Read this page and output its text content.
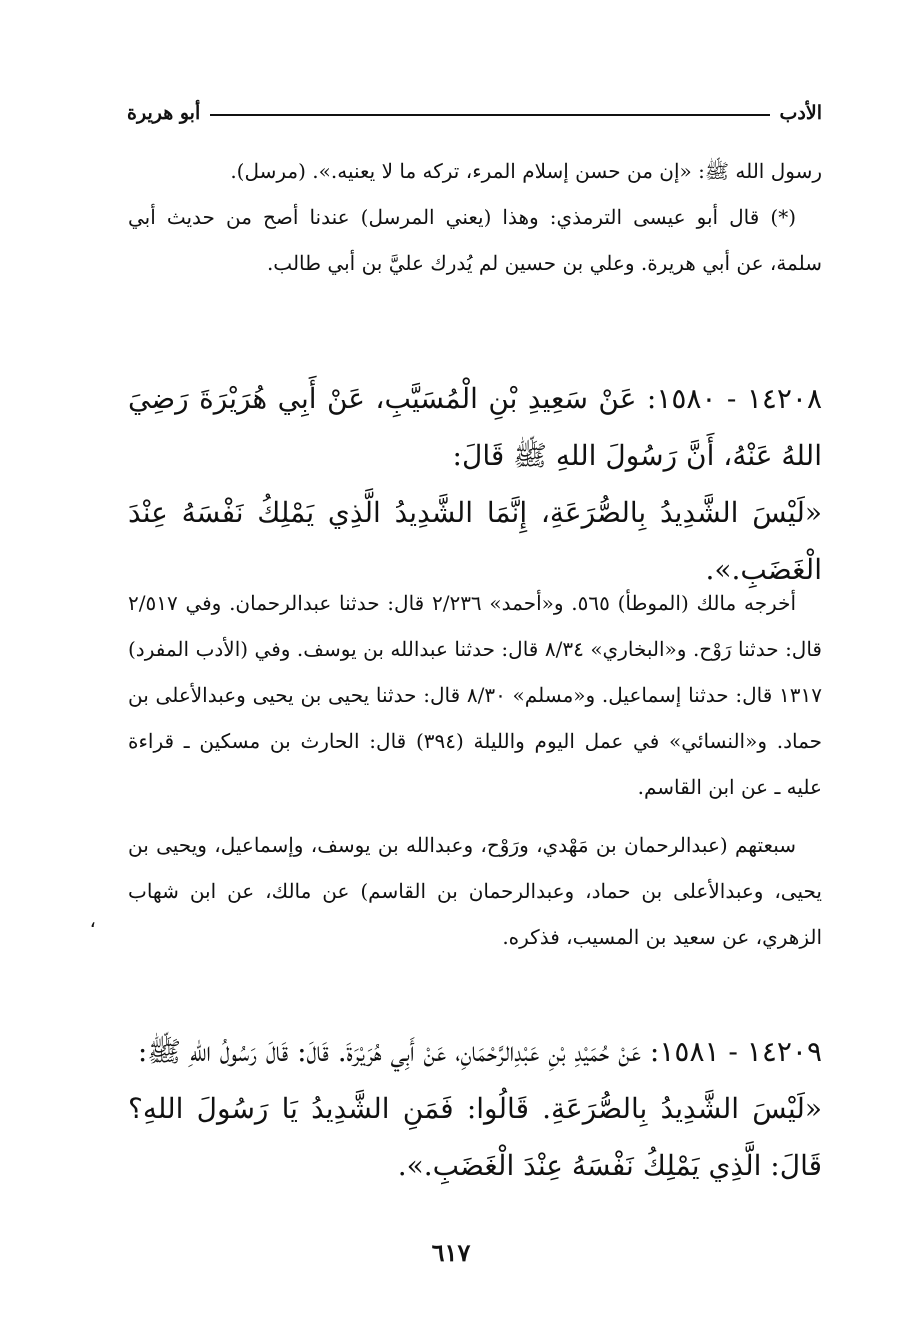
الأدب
أبو هريرة

رسول الله ﷺ: «إن من حسن إسلام المرء، تركه ما لا يعنيه.». (مرسل).

(*) قال أبو عيسى الترمذي: وهذا (يعني المرسل) عندنا أصح من حديث أبي سلمة، عن أبي هريرة. وعلي بن حسين لم يُدرك عليَّ بن أبي طالب.

١٤٢٠٨ - ١٥٨٠: عَنْ سَعِيدِ بْنِ الْمُسَيَّبِ، عَنْ أَبِي هُرَيْرَةَ رَضِيَ اللهُ عَنْهُ، أَنَّ رَسُولَ اللهِ ﷺ قَالَ:

«لَيْسَ الشَّدِيدُ بِالصُّرَعَةِ، إِنَّمَا الشَّدِيدُ الَّذِي يَمْلِكُ نَفْسَهُ عِنْدَ الْغَضَبِ.».

أخرجه مالك (الموطأ) ٥٦٥. و«أحمد» ٢/٢٣٦ قال: حدثنا عبدالرحمان. وفي ٢/٥١٧ قال: حدثنا رَوْح. و«البخاري» ٨/٣٤ قال: حدثنا عبدالله بن يوسف. وفي (الأدب المفرد) ١٣١٧ قال: حدثنا إسماعيل. و«مسلم» ٨/٣٠ قال: حدثنا يحيى بن يحيى وعبدالأعلى بن حماد. و«النسائي» في عمل اليوم والليلة (٣٩٤) قال: الحارث بن مسكين ـ قراءة عليه ـ عن ابن القاسم.

سبعتهم (عبدالرحمان بن مَهْدي، ورَوْح، وعبدالله بن يوسف، وإسماعيل، ويحيى بن يحيى، وعبدالأعلى بن حماد، وعبدالرحمان بن القاسم) عن مالك، عن ابن شهاب الزهري، عن سعيد بن المسيب، فذكره.

،

١٤٢٠٩ - ١٥٨١: عَنْ حُمَيْدِ بْنِ عَبْدِالرَّحْمَانِ، عَنْ أَبِي هُرَيْرَةَ. قَالَ: قَالَ رَسُولُ اللهِ ﷺ:

«لَيْسَ الشَّدِيدُ بِالصُّرَعَةِ. قَالُوا: فَمَنِ الشَّدِيدُ يَا رَسُولَ اللهِ؟ قَالَ: الَّذِي يَمْلِكُ نَفْسَهُ عِنْدَ الْغَضَبِ.».

٦١٧
